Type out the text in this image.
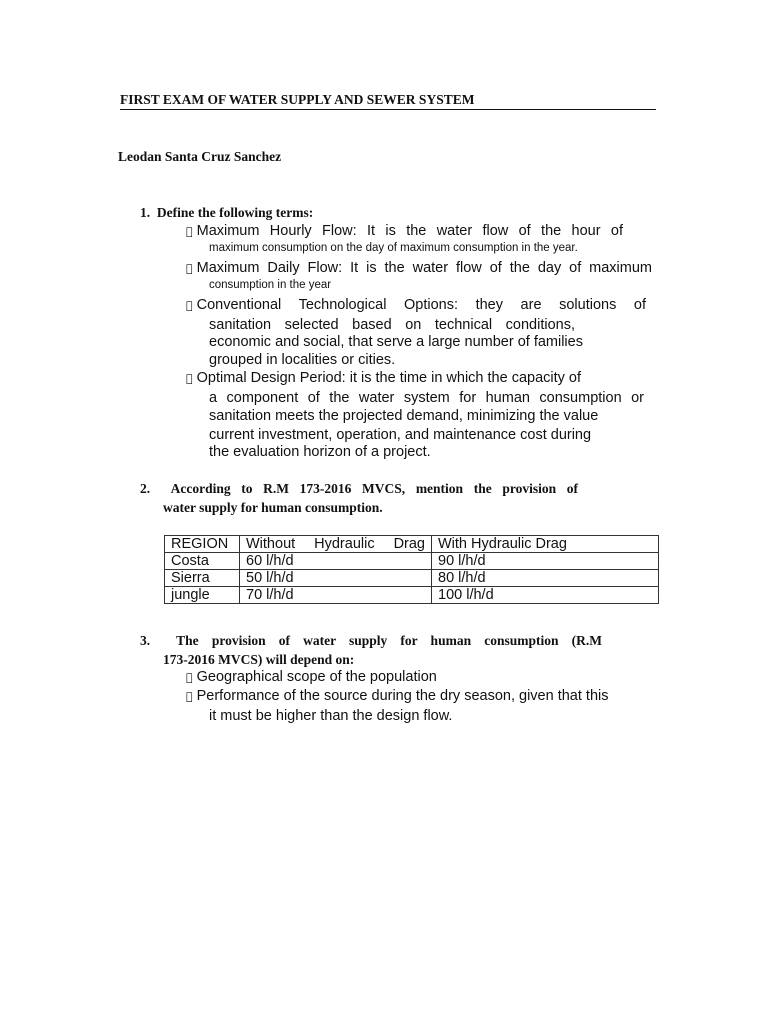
FIRST EXAM OF WATER SUPPLY AND SEWER SYSTEM
Leodan Santa Cruz Sanchez
1.  Define the following terms:
Maximum Hourly Flow: It is the water flow of the hour of
maximum consumption on the day of maximum consumption in the year.
Maximum Daily Flow: It is the water flow of the day of maximum
consumption in the year
Conventional Technological Options: they are solutions of
sanitation selected based on technical conditions,
economic and social, that serve a large number of families
grouped in localities or cities.
Optimal Design Period: it is the time in which the capacity of
a component of the water system for human consumption or
sanitation meets the projected demand, minimizing the value
current investment, operation, and maintenance cost during
the evaluation horizon of a project.
2.  According to R.M 173-2016 MVCS, mention the provision of
water supply for human consumption.
REGION	Without Hydraulic Drag	With Hydraulic Drag
Costa	60 l/h/d	90 l/h/d
Sierra	50 l/h/d	80 l/h/d
jungle	70 l/h/d	100 l/h/d
3.  The provision of water supply for human consumption (R.M
173-2016 MVCS) will depend on:
Geographical scope of the population
Performance of the source during the dry season, given that this
it must be higher than the design flow.
